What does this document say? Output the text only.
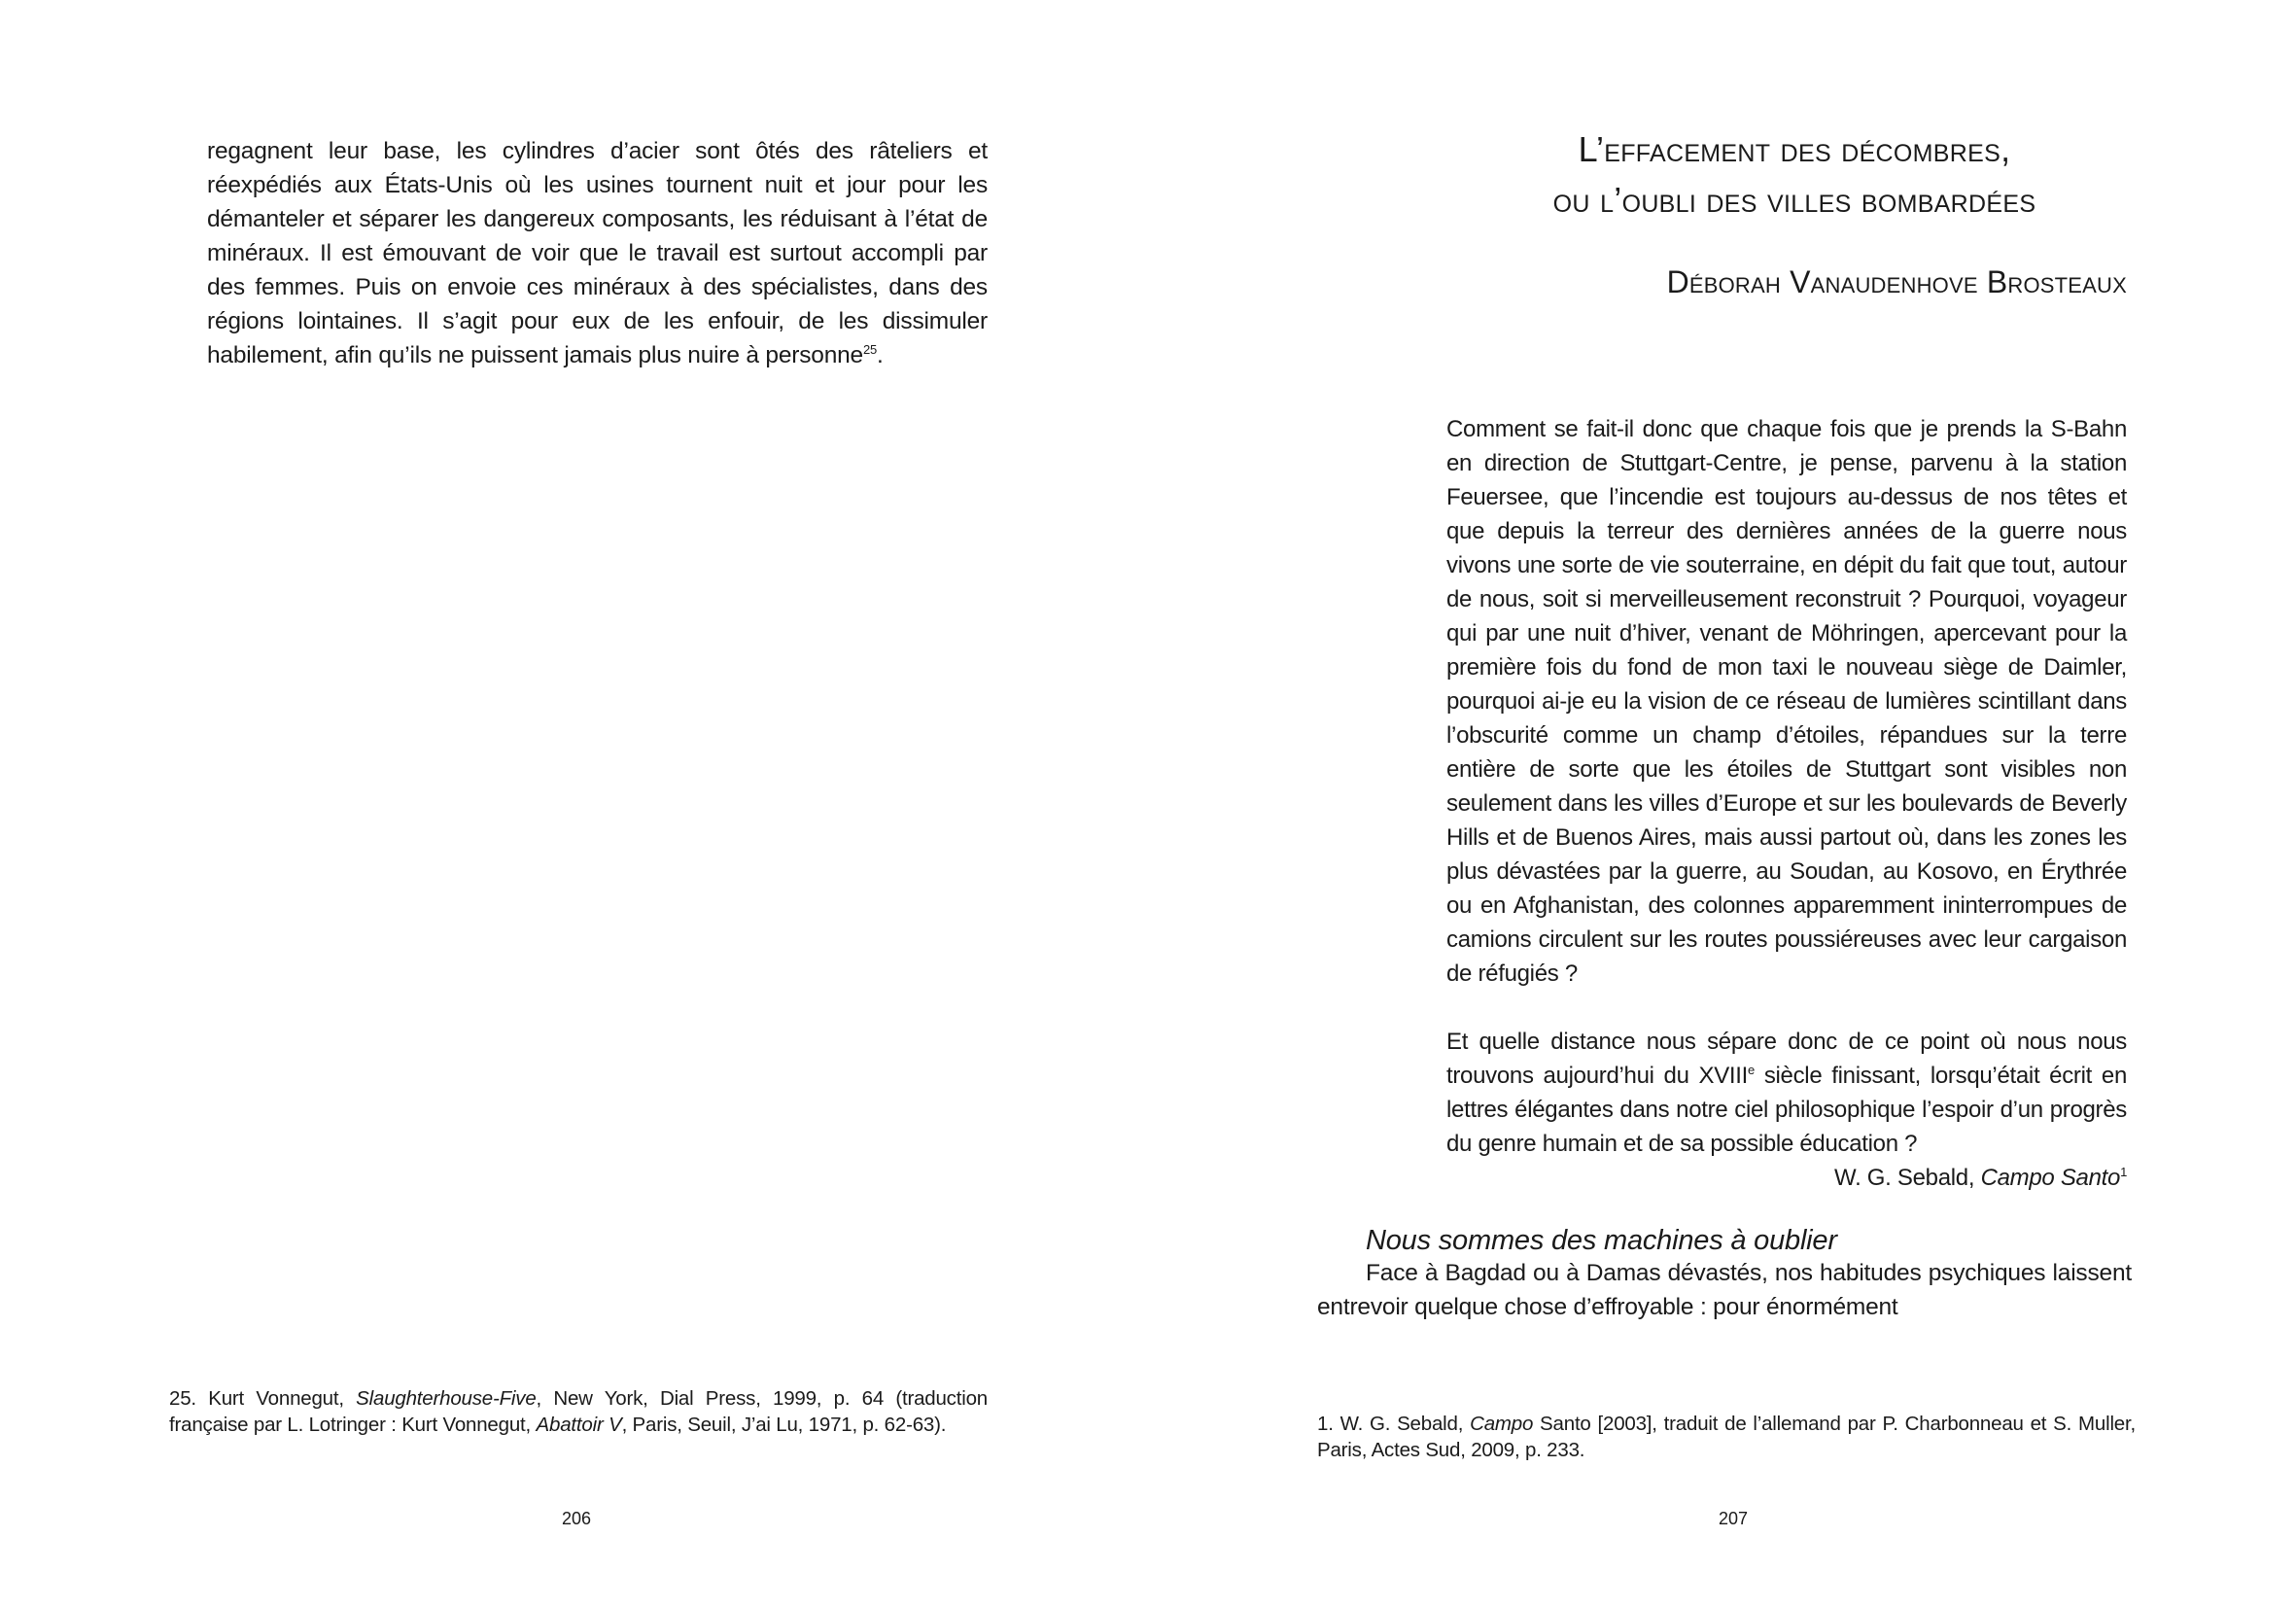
regagnent leur base, les cylindres d’acier sont ôtés des râteliers et réexpédiés aux États-Unis où les usines tournent nuit et jour pour les démanteler et séparer les dangereux composants, les réduisant à l’état de minéraux. Il est émouvant de voir que le travail est surtout accompli par des femmes. Puis on envoie ces minéraux à des spécialistes, dans des régions lointaines. Il s’agit pour eux de les enfouir, de les dissimuler habilement, afin qu’ils ne puissent jamais plus nuire à personne$^{25}$.

25. Kurt Vonnegut, Slaughterhouse-Five, New York, Dial Press, 1999, p. 64 (traduction française par L. Lotringer : Kurt Vonnegut, Abattoir V, Paris, Seuil, J’ai Lu, 1971, p. 62-63).
206
L’effacement des décombres,
ou l’oubli des villes bombardées
Déborah Vanaudenhove Brosteaux

Comment se fait-il donc que chaque fois que je prends la S-Bahn en direction de Stuttgart-Centre, je pense, parvenu à la station Feuersee, que l’incendie est toujours au-dessus de nos têtes et que depuis la terreur des dernières années de la guerre nous vivons une sorte de vie souterraine, en dépit du fait que tout, autour de nous, soit si merveilleusement reconstruit ? Pourquoi, voyageur qui par une nuit d’hiver, venant de Möhringen, apercevant pour la première fois du fond de mon taxi le nouveau siège de Daimler, pourquoi ai-je eu la vision de ce réseau de lumières scintillant dans l’obscurité comme un champ d’étoiles, répandues sur la terre entière de sorte que les étoiles de Stuttgart sont visibles non seulement dans les villes d’Europe et sur les boulevards de Beverly Hills et de Buenos Aires, mais aussi partout où, dans les zones les plus dévastées par la guerre, au Soudan, au Kosovo, en Érythrée ou en Afghanistan, des colonnes apparemment ininterrompues de camions circulent sur les routes poussiéreuses avec leur cargaison de réfugiés ?

Et quelle distance nous sépare donc de ce point où nous nous trouvons aujourd’hui du XVIIIe siècle finissant, lorsqu’était écrit en lettres élégantes dans notre ciel philosophique l’espoir d’un progrès du genre humain et de sa possible éducation ?

W. G. Sebald, Campo Santo$^1$

Nous sommes des machines à oublier

Face à Bagdad ou à Damas dévastés, nos habitudes psychiques laissent entrevoir quelque chose d’effroyable : pour énormément

1. W. G. Sebald, Campo Santo [2003], traduit de l’allemand par P. Charbonneau et S. Muller, Paris, Actes Sud, 2009, p. 233.
207
